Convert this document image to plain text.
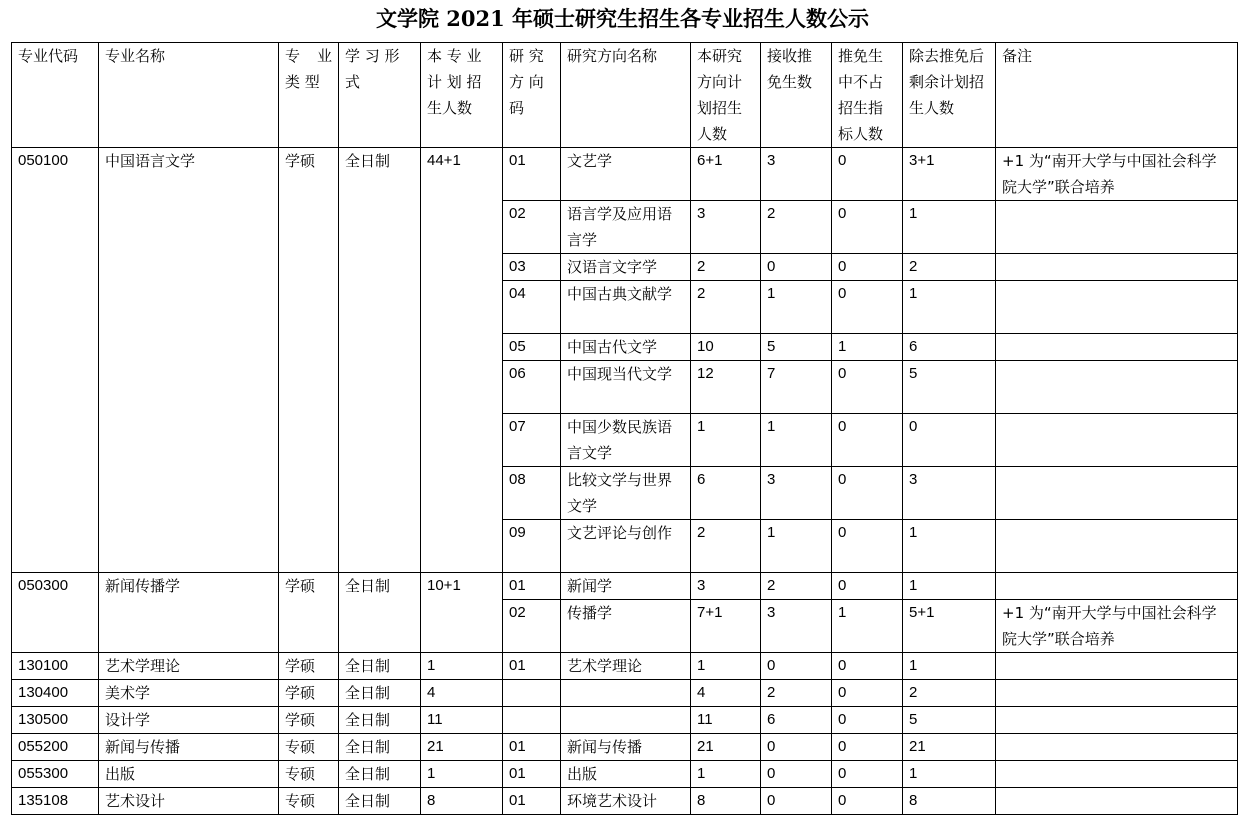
文学院 2021 年硕士研究生招生各专业招生人数公示
专业代码	专业名称	专 业 类 型	学 习 形 式	本 专 业 计 划 招 生人数	研 究 方 向 码	研究方向名称	本研究方向计划招生人数	接收推免生数	推免生中不占招生指标人数	除去推免后剩余计划招生人数	备注
050100	中国语言文学	学硕	全日制	44+1	01	文艺学	6+1	3	0	3+1	+1 为“南开大学与中国社会科学院大学”联合培养
					02	语言学及应用语言学	3	2	0	1	
					03	汉语言文字学	2	0	0	2	
					04	中国古典文献学	2	1	0	1	
					05	中国古代文学	10	5	1	6	
					06	中国现当代文学	12	7	0	5	
					07	中国少数民族语言文学	1	1	0	0	
					08	比较文学与世界文学	6	3	0	3	
					09	文艺评论与创作	2	1	0	1	
050300	新闻传播学	学硕	全日制	10+1	01	新闻学	3	2	0	1	
					02	传播学	7+1	3	1	5+1	+1 为“南开大学与中国社会科学院大学”联合培养
130100	艺术学理论	学硕	全日制	1	01	艺术学理论	1	0	0	1	
130400	美术学	学硕	全日制	4			4	2	0	2	
130500	设计学	学硕	全日制	11			11	6	0	5	
055200	新闻与传播	专硕	全日制	21	01	新闻与传播	21	0	0	21	
055300	出版	专硕	全日制	1	01	出版	1	0	0	1	
135108	艺术设计	专硕	全日制	8	01	环境艺术设计	8	0	0	8	
